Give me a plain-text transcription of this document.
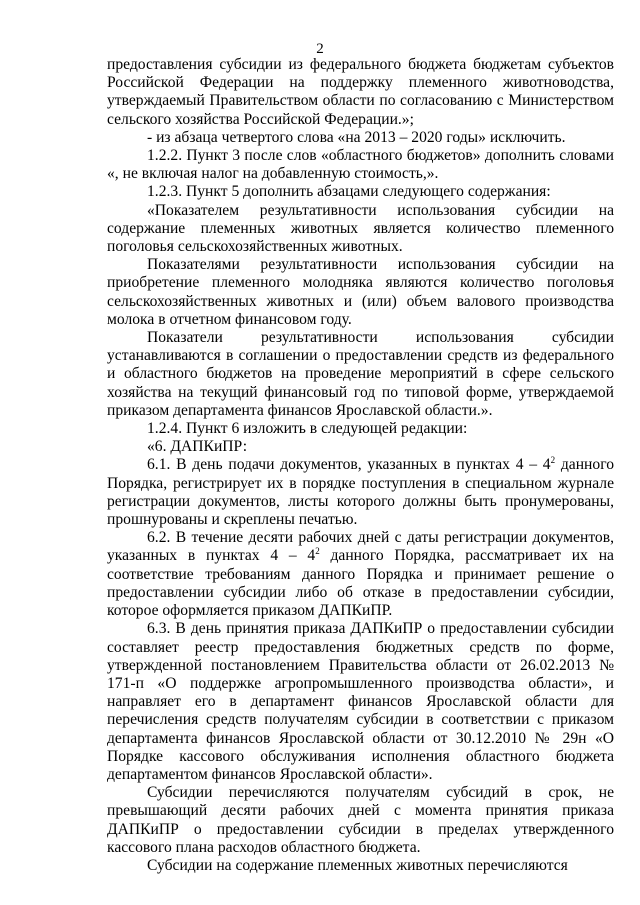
2

предоставления субсидии из федерального бюджета бюджетам субъектов Российской Федерации на поддержку племенного животноводства, утверждаемый Правительством области по согласованию с Министерством сельского хозяйства Российской Федерации.»;

- из абзаца четвертого слова «на 2013 – 2020 годы» исключить.

1.2.2. Пункт 3 после слов «областного бюджетов» дополнить словами «, не включая налог на добавленную стоимость,».

1.2.3. Пункт 5 дополнить абзацами следующего содержания:

«Показателем результативности использования субсидии на содержание племенных животных является количество племенного поголовья сельскохозяйственных животных.

Показателями результативности использования субсидии на приобретение племенного молодняка являются количество поголовья сельскохозяйственных животных и (или) объем валового производства молока в отчетном финансовом году.

Показатели результативности использования субсидии устанавливаются в соглашении о предоставлении средств из федерального и областного бюджетов на проведение мероприятий в сфере сельского хозяйства на текущий финансовый год по типовой форме, утверждаемой приказом департамента финансов Ярославской области.».

1.2.4. Пункт 6 изложить в следующей редакции:

«6. ДАПКиПР:

6.1. В день подачи документов, указанных в пунктах $4 - 4^2$ данного Порядка, регистрирует их в порядке поступления в специальном журнале регистрации документов, листы которого должны быть пронумерованы, прошнурованы и скреплены печатью.

6.2. В течение десяти рабочих дней с даты регистрации документов, указанных в пунктах $4 - 4^2$ данного Порядка, рассматривает их на соответствие требованиям данного Порядка и принимает решение о предоставлении субсидии либо об отказе в предоставлении субсидии, которое оформляется приказом ДАПКиПР.

6.3. В день принятия приказа ДАПКиПР о предоставлении субсидии составляет реестр предоставления бюджетных средств по форме, утвержденной постановлением Правительства области от 26.02.2013 № 171-п «О поддержке агропромышленного производства области», и направляет его в департамент финансов Ярославской области для перечисления средств получателям субсидии в соответствии с приказом департамента финансов Ярославской области от 30.12.2010 № 29н «О Порядке кассового обслуживания исполнения областного бюджета департаментом финансов Ярославской области».

Субсидии перечисляются получателям субсидий в срок, не превышающий десяти рабочих дней с момента принятия приказа ДАПКиПР о предоставлении субсидии в пределах утвержденного кассового плана расходов областного бюджета.

Субсидии на содержание племенных животных перечисляются
